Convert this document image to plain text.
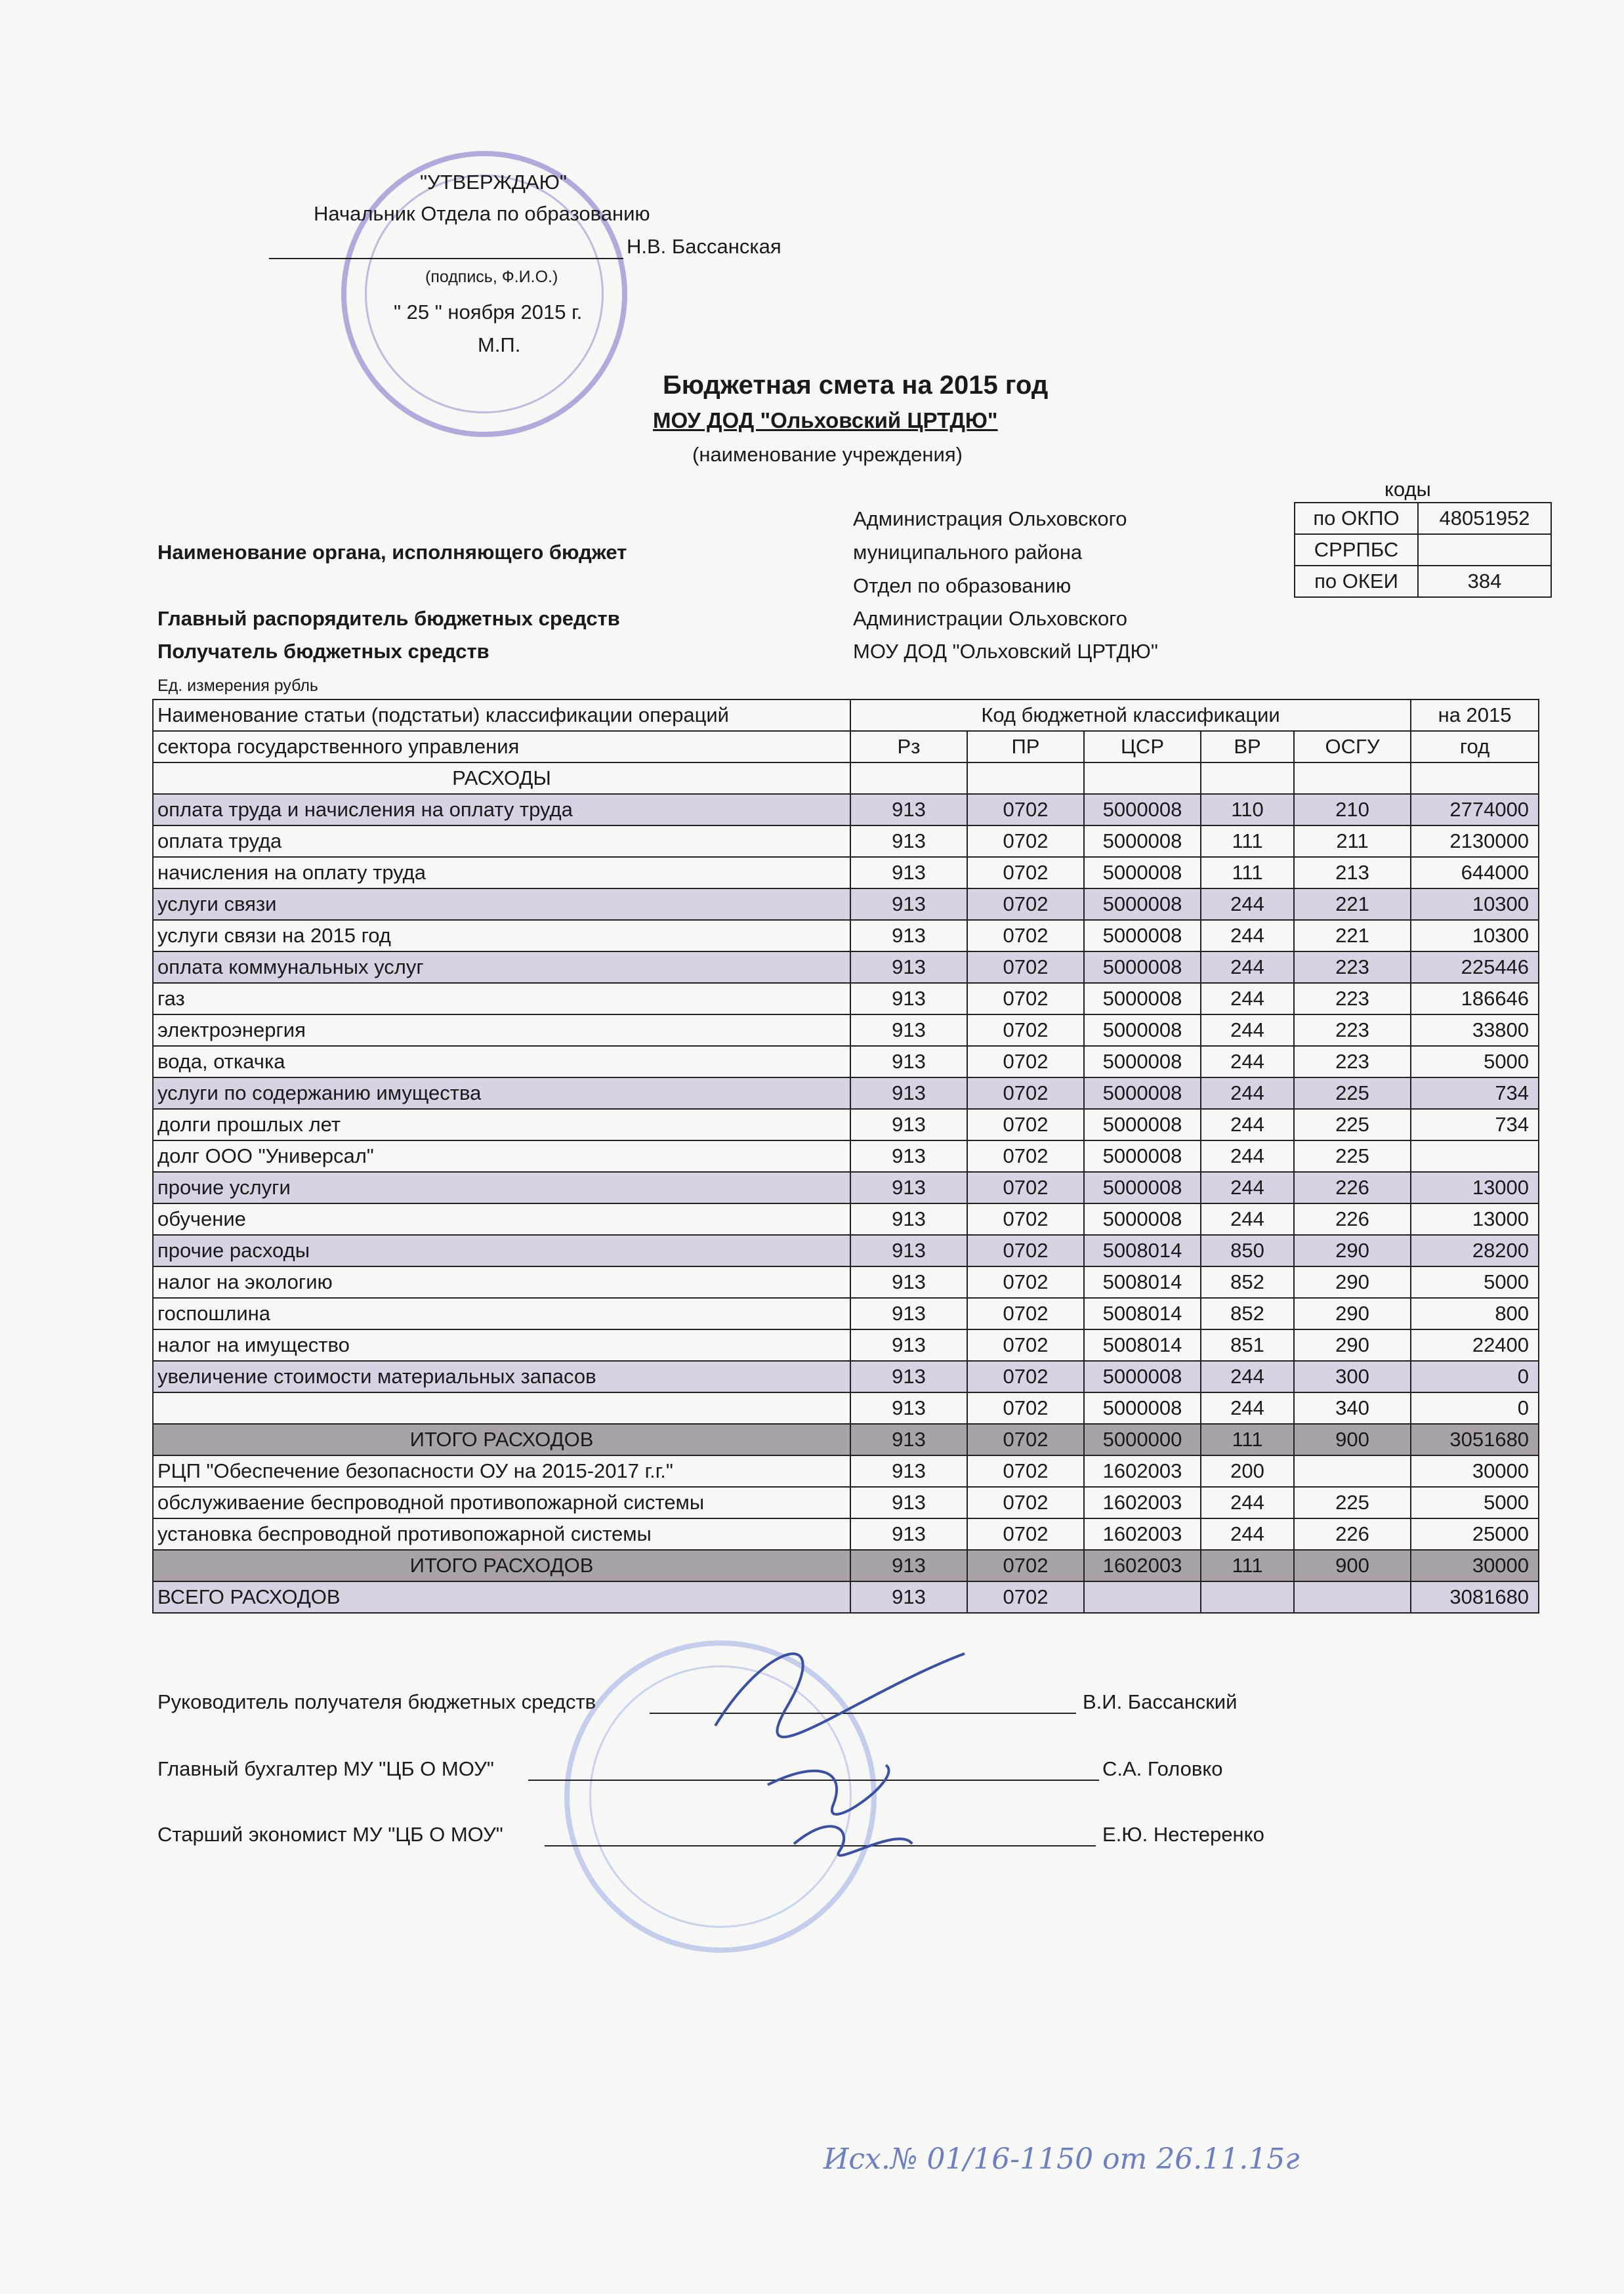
"УТВЕРЖДАЮ"
Начальник Отдела по образованию
Н.В. Бассанская
(подпись, Ф.И.О.)
" 25 " ноября 2015 г.
М.П.
Бюджетная смета на 2015 год
МОУ ДОД "Ольховский ЦРТДЮ"
(наименование учреждения)
коды
по ОКПО	48051952
СРРПБС	
по ОКЕИ	384
Администрация Ольховского
Наименование органа, исполняющего бюджет	муниципального района
Отдел по образованию
Главный распорядитель бюджетных средств	Администрации Ольховского
Получатель бюджетных средств	МОУ ДОД "Ольховский ЦРТДЮ"
Ед. измерения рубль
Наименование статьи (подстатьи) классификации операций	Код бюджетной классификации					на 2015
сектора государственного управления	Рз	ПР	ЦСР	ВР	ОСГУ	год
РАСХОДЫ						
оплата труда и начисления на оплату труда	913	0702	5000008	110	210	2774000
оплата труда	913	0702	5000008	111	211	2130000
начисления на оплату труда	913	0702	5000008	111	213	644000
услуги связи	913	0702	5000008	244	221	10300
услуги связи на 2015 год	913	0702	5000008	244	221	10300
оплата коммунальных услуг	913	0702	5000008	244	223	225446
газ	913	0702	5000008	244	223	186646
электроэнергия	913	0702	5000008	244	223	33800
вода, откачка	913	0702	5000008	244	223	5000
услуги по содержанию имущества	913	0702	5000008	244	225	734
долги прошлых лет	913	0702	5000008	244	225	734
долг ООО "Универсал"	913	0702	5000008	244	225	
прочие услуги	913	0702	5000008	244	226	13000
обучение	913	0702	5000008	244	226	13000
прочие расходы	913	0702	5008014	850	290	28200
налог на экологию	913	0702	5008014	852	290	5000
госпошлина	913	0702	5008014	852	290	800
налог на имущество	913	0702	5008014	851	290	22400
увеличение стоимости материальных запасов	913	0702	5000008	244	300	0
	913	0702	5000008	244	340	0
ИТОГО РАСХОДОВ	913	0702	5000000	111	900	3051680
РЦП "Обеспечение безопасности ОУ на 2015-2017 г.г."	913	0702	1602003	200		30000
обслуживаение беспроводной противопожарной системы	913	0702	1602003	244	225	5000
установка беспроводной противопожарной системы	913	0702	1602003	244	226	25000
ИТОГО РАСХОДОВ	913	0702	1602003	111	900	30000
ВСЕГО РАСХОДОВ	913	0702				3081680
Руководитель получателя бюджетных средств	В.И. Бассанский
Главный бухгалтер МУ "ЦБ О МОУ"	С.А. Головко
Старший экономист МУ "ЦБ О МОУ"	Е.Ю. Нестеренко
Исх.№ 01/16-1150 от 26.11.15г
